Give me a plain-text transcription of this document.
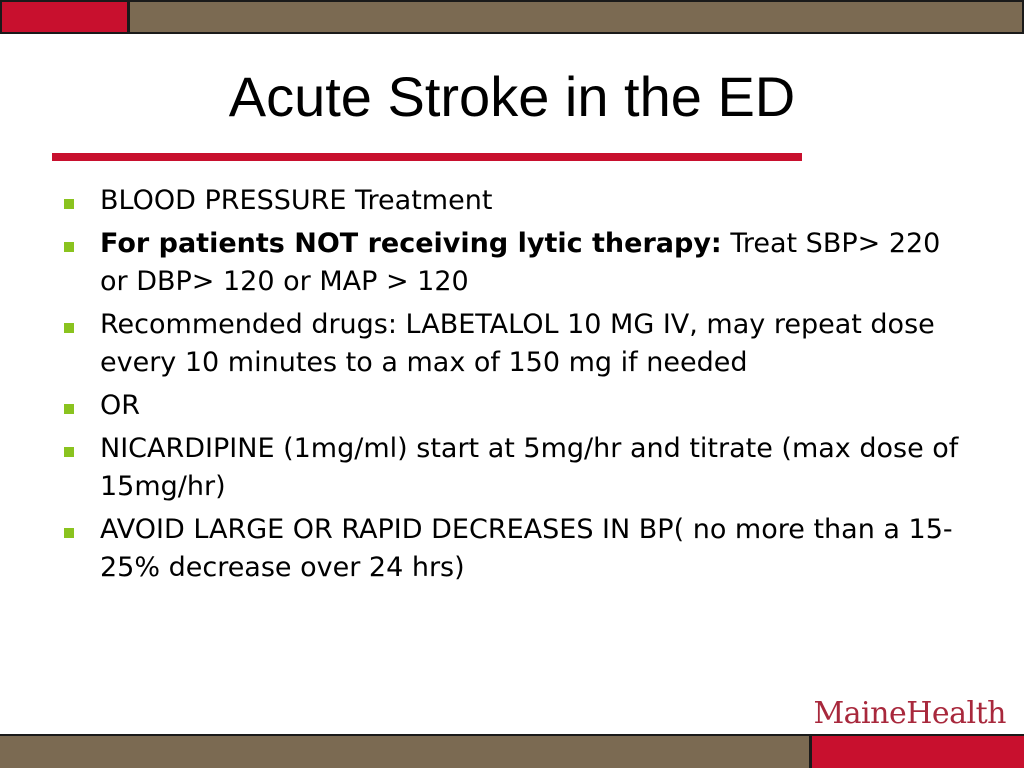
Acute Stroke in the ED
BLOOD PRESSURE Treatment
For patients NOT receiving lytic therapy: Treat SBP> 220 or DBP> 120 or MAP > 120
Recommended drugs: LABETALOL 10 MG IV, may repeat dose every 10 minutes to a max of 150 mg if needed
OR
NICARDIPINE (1mg/ml) start at 5mg/hr and titrate (max dose of 15mg/hr)
AVOID LARGE OR RAPID DECREASES IN BP( no more than a 15-25% decrease over 24 hrs)
MaineHealth
